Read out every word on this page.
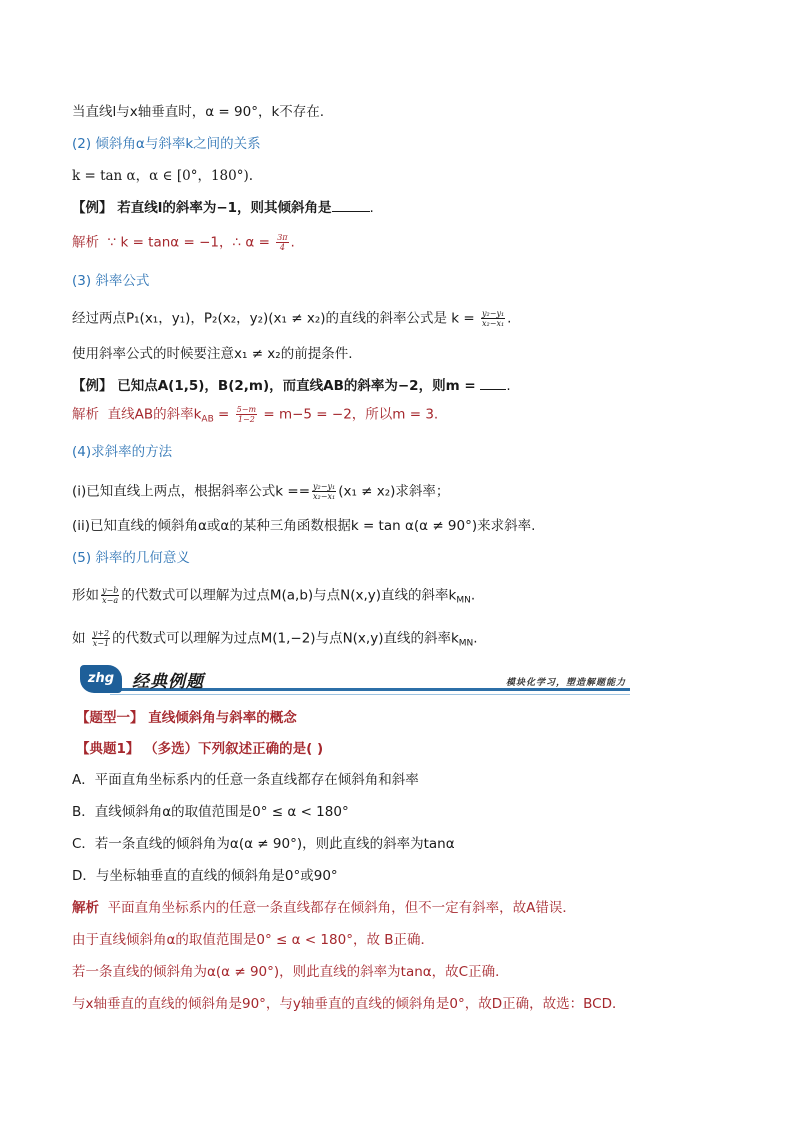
当直线l与x轴垂直时，α = 90°，k不存在.
(2) 倾斜角α与斜率k之间的关系
k = tan α，α ∈ [0°，180°).
【例】 若直线l的斜率为−1，则其倾斜角是	.
解析 ∵ k = tanα = −1，∴ $\alpha = \frac{3\pi}{4}$ .
(3) 斜率公式
经过两点P₁(x₁，y₁)，P₂(x₂，y₂)(x₁ ≠ x₂)的直线的斜率公式是 $k = \frac{\text{y₂−y₁}}{\text{x₂−x₁}}$ .
使用斜率公式的时候要注意x₁ ≠ x₂的前提条件.
【例】 已知点A(1,5)，B(2,m)，而直线AB的斜率为−2，则m = .
解析 直线AB的斜率$k_{AB} = \frac{5-m}{1-2} = m-5 = -2$，所以m = 3.
(4)求斜率的方法
(i)已知直线上两点，根据斜率公式$k == \frac{\text{y₂−y₁}}{\text{x₂−x₁}} (x_1 \ne x_2)$求斜率；
(ii)已知直线的倾斜角α或α的某种三角函数根据k = tan α(α ≠ 90°)来求斜率.
(5) 斜率的几何意义
形如 $\frac{y-b}{x-a}$ 的代数式可以理解为过点M(a,b)与点N(x,y)直线的斜率$k_{MN}$.
如 $\frac{y+2}{x-1}$ 的代数式可以理解为过点M(1,−2)与点N(x,y)直线的斜率$k_{MN}$.
zhg	经典例题	模块化学习，塑造解题能力
【题型一】 直线倾斜角与斜率的概念
【典题1】 （多选）下列叙述正确的是( )
A．平面直角坐标系内的任意一条直线都存在倾斜角和斜率
B．直线倾斜角α的取值范围是0° ≤ α < 180°
C．若一条直线的倾斜角为α(α ≠ 90°)，则此直线的斜率为tanα
D．与坐标轴垂直的直线的倾斜角是0°或90°
解析 平面直角坐标系内的任意一条直线都存在倾斜角，但不一定有斜率，故A错误．
由于直线倾斜角α的取值范围是0° ≤ α < 180°，故 B正确．
若一条直线的倾斜角为α(α ≠ 90°)，则此直线的斜率为tanα，故C正确．
与x轴垂直的直线的倾斜角是90°，与y轴垂直的直线的倾斜角是0°，故D正确，故选：BCD．
